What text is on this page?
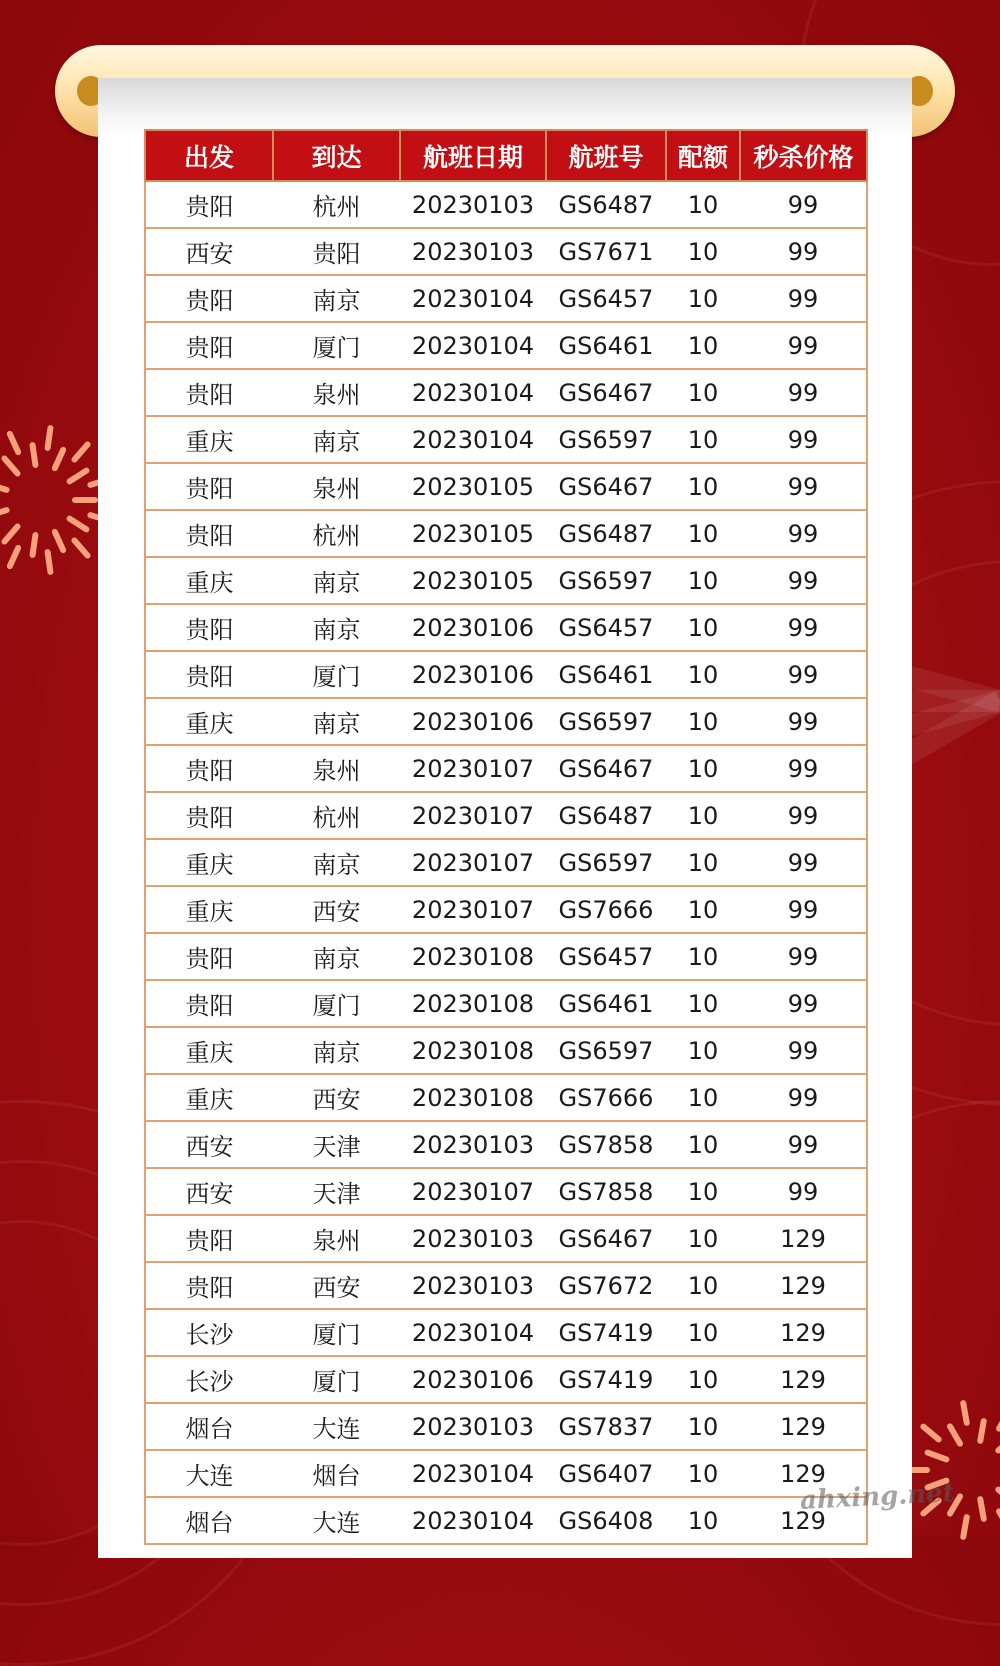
出发	到达	航班日期	航班号	配额	秒杀价格
贵阳	杭州	20230103	GS6487	10	99
西安	贵阳	20230103	GS7671	10	99
贵阳	南京	20230104	GS6457	10	99
贵阳	厦门	20230104	GS6461	10	99
贵阳	泉州	20230104	GS6467	10	99
重庆	南京	20230104	GS6597	10	99
贵阳	泉州	20230105	GS6467	10	99
贵阳	杭州	20230105	GS6487	10	99
重庆	南京	20230105	GS6597	10	99
贵阳	南京	20230106	GS6457	10	99
贵阳	厦门	20230106	GS6461	10	99
重庆	南京	20230106	GS6597	10	99
贵阳	泉州	20230107	GS6467	10	99
贵阳	杭州	20230107	GS6487	10	99
重庆	南京	20230107	GS6597	10	99
重庆	西安	20230107	GS7666	10	99
贵阳	南京	20230108	GS6457	10	99
贵阳	厦门	20230108	GS6461	10	99
重庆	南京	20230108	GS6597	10	99
重庆	西安	20230108	GS7666	10	99
西安	天津	20230103	GS7858	10	99
西安	天津	20230107	GS7858	10	99
贵阳	泉州	20230103	GS6467	10	129
贵阳	西安	20230103	GS7672	10	129
长沙	厦门	20230104	GS7419	10	129
长沙	厦门	20230106	GS7419	10	129
烟台	大连	20230103	GS7837	10	129
大连	烟台	20230104	GS6407	10	129
烟台	大连	20230104	GS6408	10	129
ahxing.net
